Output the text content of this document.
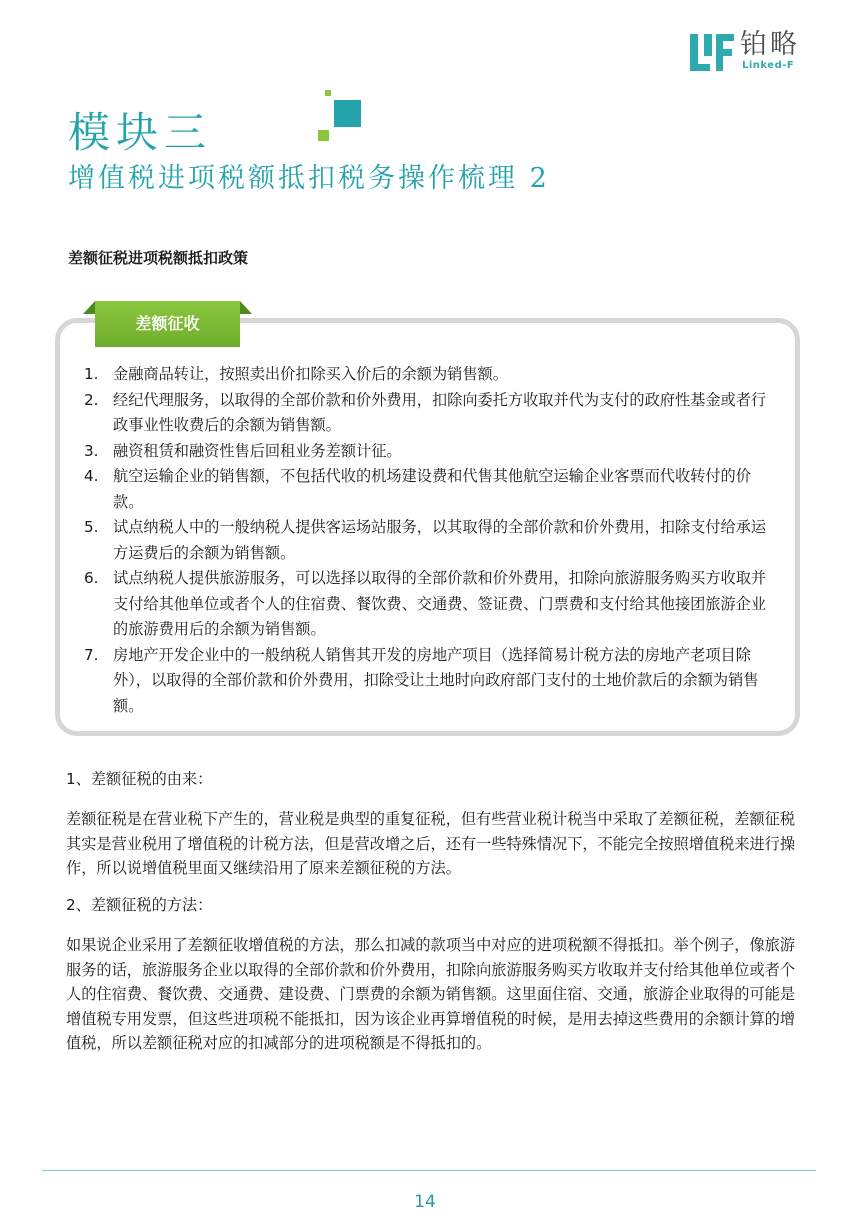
铂略
Linked-F
模块三
增值税进项税额抵扣税务操作梳理 2
差额征税进项税额抵扣政策
差额征收
1. 金融商品转让，按照卖出价扣除买入价后的余额为销售额。
2. 经纪代理服务，以取得的全部价款和价外费用，扣除向委托方收取并代为支付的政府性基金或者行政事业性收费后的余额为销售额。
3. 融资租赁和融资性售后回租业务差额计征。
4. 航空运输企业的销售额，不包括代收的机场建设费和代售其他航空运输企业客票而代收转付的价款。
5. 试点纳税人中的一般纳税人提供客运场站服务，以其取得的全部价款和价外费用，扣除支付给承运方运费后的余额为销售额。
6. 试点纳税人提供旅游服务，可以选择以取得的全部价款和价外费用，扣除向旅游服务购买方收取并支付给其他单位或者个人的住宿费、餐饮费、交通费、签证费、门票费和支付给其他接团旅游企业的旅游费用后的余额为销售额。
7. 房地产开发企业中的一般纳税人销售其开发的房地产项目（选择简易计税方法的房地产老项目除外），以取得的全部价款和价外费用，扣除受让土地时向政府部门支付的土地价款后的余额为销售额。
1、差额征税的由来：
差额征税是在营业税下产生的，营业税是典型的重复征税，但有些营业税计税当中采取了差额征税，差额征税其实是营业税用了增值税的计税方法，但是营改增之后，还有一些特殊情况下，不能完全按照增值税来进行操作，所以说增值税里面又继续沿用了原来差额征税的方法。
2、差额征税的方法：
如果说企业采用了差额征收增值税的方法，那么扣减的款项当中对应的进项税额不得抵扣。举个例子，像旅游服务的话，旅游服务企业以取得的全部价款和价外费用，扣除向旅游服务购买方收取并支付给其他单位或者个人的住宿费、餐饮费、交通费、建设费、门票费的余额为销售额。这里面住宿、交通，旅游企业取得的可能是增值税专用发票，但这些进项税不能抵扣，因为该企业再算增值税的时候，是用去掉这些费用的余额计算的增值税，所以差额征税对应的扣减部分的进项税额是不得抵扣的。
14
